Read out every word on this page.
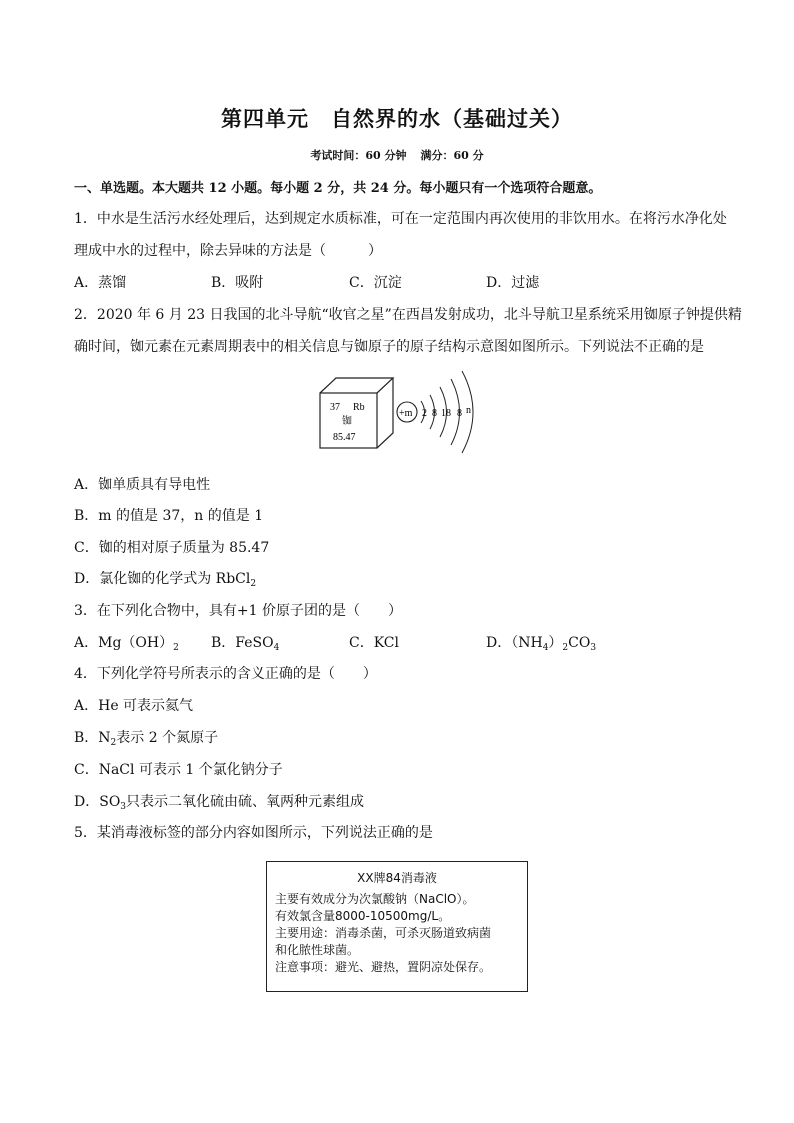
第四单元 自然界的水（基础过关）
考试时间：60 分钟 满分：60 分
一、单选题。本大题共 12 小题。每小题 2 分，共 24 分。每小题只有一个选项符合题意。
1．中水是生活污水经处理后，达到规定水质标准，可在一定范围内再次使用的非饮用水。在将污水净化处
理成中水的过程中，除去异味的方法是（　　　）
A．蒸馏	B．吸附	C．沉淀	D．过滤
2．2020 年 6 月 23 日我国的北斗导航“收官之星”在西昌发射成功，北斗导航卫星系统采用铷原子钟提供精
确时间，铷元素在元素周期表中的相关信息与铷原子的原子结构示意图如图所示。下列说法不正确的是
37 Rb
铷
85.47
+m 2 8 18 8 n
A．铷单质具有导电性
B．m 的值是 37，n 的值是 1
C．铷的相对原子质量为 85.47
D．氯化铷的化学式为 RbCl$_2$
3．在下列化合物中，具有+1 价原子团的是（　　）
A．$Mg(OH)_2$ B．FeSO$_4$	C．KCl	D．$(NH_4)_2CO_3$
4．下列化学符号所表示的含义正确的是（　　）
A．He 可表示氦气
B．$N_2$表示 2 个氮原子
C．NaCl 可表示 1 个氯化钠分子
D．$SO_3$只表示二氧化硫由硫、氧两种元素组成
5．某消毒液标签的部分内容如图所示，下列说法正确的是
XX牌84消毒液
主要有效成分为次氯酸钠（NaClO）。
有效氯含量8000-10500mg/L。
主要用途：消毒杀菌，可杀灭肠道致病菌
和化脓性球菌。
注意事项：避光、避热，置阴凉处保存。
